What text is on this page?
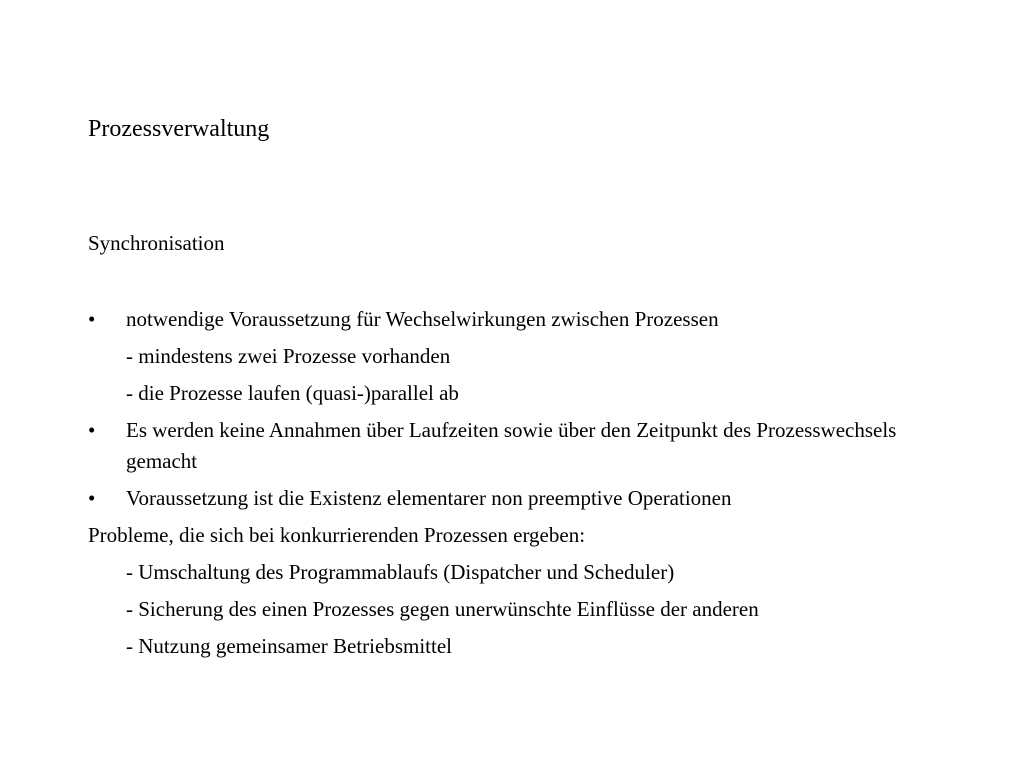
Prozessverwaltung
Synchronisation
• notwendige Voraussetzung für Wechselwirkungen zwischen Prozessen
- mindestens zwei Prozesse vorhanden
- die Prozesse laufen (quasi-)parallel ab
• Es werden keine Annahmen über Laufzeiten sowie über den Zeitpunkt des Prozesswechsels gemacht
• Voraussetzung ist die Existenz elementarer non preemptive Operationen
Probleme, die sich bei konkurrierenden Prozessen ergeben:
- Umschaltung des Programmablaufs (Dispatcher und Scheduler)
- Sicherung des einen Prozesses gegen unerwünschte Einflüsse der anderen
- Nutzung gemeinsamer Betriebsmittel
